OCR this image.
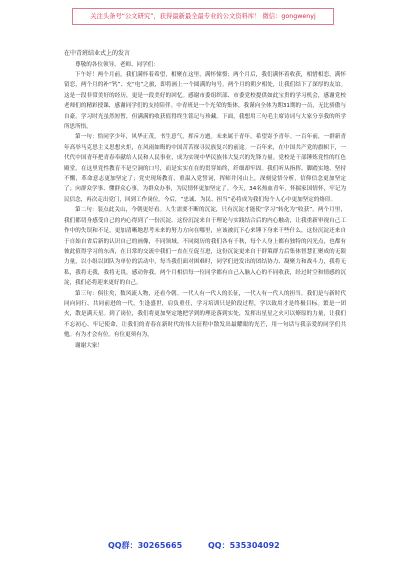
关注头条号“公文研究”，获得最新最全最专业的公文资料库！ 微信：gongwenyj

在中青班结业式上的发言

尊敬的各位领导、老师、同学们：

下午好！两个月前，我们满怀着希望，相聚在这里，满怀憧憬；两个月后，我们满怀着收获，相惜相恋，满怀留恋，两个月的补“钙”、充“电”之旅，即将画上一个圆满的句号。两个月的朝夕相处，让我们结下了深厚的友谊。这是一段非常美好的经历，更是一段美好的回忆。感谢市委组织部、市委党校提供如此宝贵的学习机会，感谢党校老师们的精彩授课，感谢同学们的支持陪伴。中青班是一个光荣的集体，我谨向全体为期31期的一员，无比骄傲与自豪。学习时光虽然短暂，但满满的收获值得终生铭记与珍藏。下面，我想用三句毛主席诗词与大家分享我的所学所思所悟。

第一句：恰同学少年，风华正茂，书生意气，挥斥方遒。未来属于青年，希望寄予青年。一百年前，一群新青年高举马克思主义思想火炬，在风雨如晦的中国苦苦探寻民族复兴的前途。一百年来，在中国共产党的旗帜下，一代代中国青年把青春奉献给人民和人民事业，成为实现中华民族伟大复兴的先锋力量。党校是干部锤炼党性的红色殿堂。在这里党性教育不是空洞的口号，而是实实在在的贯穿始终，纤细却牢固。我们听从指挥、脚踏实地、坚持不懈，革命意志更加坚定了；党史现场教育、重温入党誓词，挥师井冈山上，深刻觉悟分析，信仰信念更加坚定了；向群众学事、懂群众心事，为群众办事，为民情怀更加坚定了。今天，34名热血青年，怀揣家国情怀，牢记为民信念，再次走出党门，回到工作岗位。今后，“忠诚、为民、担当”必将成为我们每个人心中更加坚定的烙印。

第二句：装点此关山，今朝更好看。人生需要不断的沉淀，只有沉淀才能使“学习”转化为“收获”。两个月里，我们都切身感受自己的内心得到了一份沉淀。这份沉淀来自于理论与实践结合后的内心触动，让我重新审视自己工作中的失误和不足，更加清晰地思考未来的努力方向在哪里，应该被沉下心来锤下身来干些什么，这份沉淀还来自于自始自省后新的认识自己的画像，不同领域、不同阅历的我们各有千秋，每个人身上都有独特的闪光点，也都有彼此值得学习的东西，在日常的交流中我们一直在互促互进，这份沉淀更来自于群策群力后集体智慧汇聚成的无限力量，以小组以团队为单位的活动中，每当我们面对困难时，同学们迸发出的团结协力、凝聚力和战斗力，我将无私，我将无我，我将无畏，感动你我。两个月相信每一位同学都有自己入脑入心的不同收获，经过时空和情感的沉淀，我们必将迎来更好的自己。

第三句：俱往矣，数风流人物，还看今朝。一代人有一代人的长征，一代人有一代人的担当。我们是与新时代同向同行、共同前进的一代，生逢盛世，肩负重任，学习培训只是阶段过程，学以致用才是终极目标。繁是一团火，散是满天星。到了岗位，我们将更加坚定地把学到的理论落到实处，发挥出星星之火可以燎原的力量，让我们不忘初心、牢记使命，让我们的青春在新时代的伟大征程中散发出最耀眼的光芒，用一句话与我亲爱的同学们共勉。有为才会有位。有位更须有为。

谢谢大家！

QQ群：30265665	QQ：535304092
